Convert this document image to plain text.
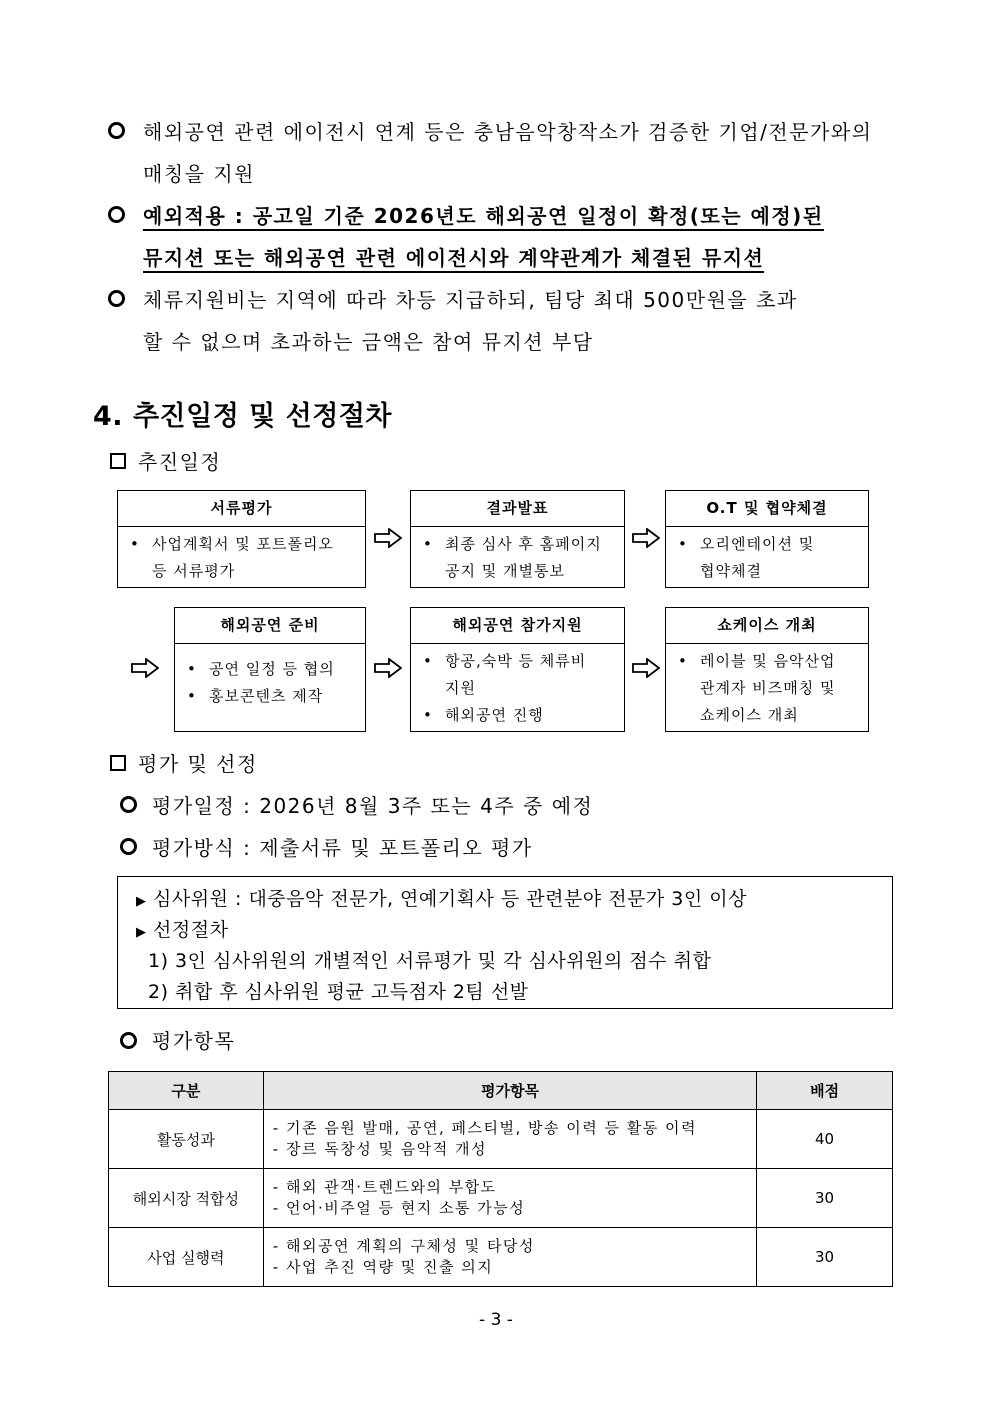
해외공연 관련 에이전시 연계 등은 충남음악창작소가 검증한 기업/전문가와의
매칭을 지원
예외적용 : 공고일 기준 2026년도 해외공연 일정이 확정(또는 예정)된
뮤지션 또는 해외공연 관련 에이전시와 계약관계가 체결된 뮤지션
체류지원비는 지역에 따라 차등 지급하되, 팀당 최대 500만원을 초과
할 수 없으며 초과하는 금액은 참여 뮤지션 부담
4. 추진일정 및 선정절차
추진일정
서류평가
• 사업계획서 및 포트폴리오
등 서류평가
결과발표
• 최종 심사 후 홈페이지
공지 및 개별통보
O.T 및 협약체결
• 오리엔테이션 및
협약체결
해외공연 준비
• 공연 일정 등 협의
• 홍보콘텐츠 제작
해외공연 참가지원
• 항공,숙박 등 체류비
지원
• 해외공연 진행
쇼케이스 개최
• 레이블 및 음악산업
관계자 비즈매칭 및
쇼케이스 개최
평가 및 선정
평가일정 : 2026년 8월 3주 또는 4주 중 예정
평가방식 : 제출서류 및 포트폴리오 평가
▶ 심사위원 : 대중음악 전문가, 연예기획사 등 관련분야 전문가 3인 이상
▶ 선정절차
1) 3인 심사위원의 개별적인 서류평가 및 각 심사위원의 점수 취합
2) 취합 후 심사위원 평균 고득점자 2팀 선발
평가항목
구분	평가항목	배점
활동성과	- 기존 음원 발매, 공연, 페스티벌, 방송 이력 등 활동 이력
- 장르 독창성 및 음악적 개성	40
해외시장 적합성	- 해외 관객·트렌드와의 부합도
- 언어·비주얼 등 현지 소통 가능성	30
사업 실행력	- 해외공연 계획의 구체성 및 타당성
- 사업 추진 역량 및 진출 의지	30
- 3 -
